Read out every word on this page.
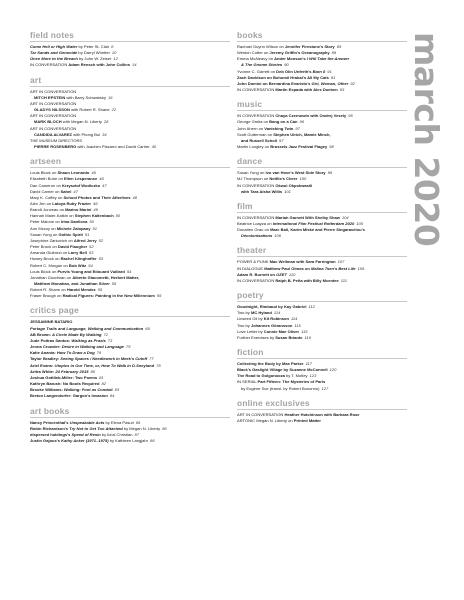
field notes
Come Hell or High Water by Peter St. Clair 8
Tar Sands and Genocide by Darryl Whetter 10
Once More to the Breach by John W. Zeiser 12
IN CONVERSATION Adam Rensch with John Collins 14
art
ART IN CONVERSATION
MITCH EPSTEIN with Barry Schwabsky 16
ART IN CONVERSATION
GLADYS NILSSON with Robert R. Shane 22
ART IN CONVERSATION
MARK BLOCH with Megan N. Liberty 28
ART IN CONVERSATION
CANDIDA ALVAREZ with Phong Bui 34
THE MUSEUM DIRECTORS
PIERRE ROSENBERG with Joachim Pissarro and David Carrier 40
artseen
Louis Block on Shaun Leonardo 46
Elizabeth Buhe on Ellen Lesperance 46
Dan Cameron on Krzysztof Wodiczko 47
David Carrier on Sahel 47
Mary K. Coffey on School Photos and Their Afterlives 48
Alex Jen on Latoya Ruby Frazier 49
Brandt Junceau on Marino Marini 49
Hannah Maier-Katkin on Stephen Kaltenbach 50
Peter Malone on Irina Danilova 50
Ann Mccoy on Michele Zalopany 51
Susan Yung on Gothic Spirit 51
Josephine Zarkovich on Alfred Jerry 52
Peter Brock on David Flaugher 52
Amanda Gluibizzi on Larry Bell 53
Howey Brock on Rachel Klinghoffer 53
Robert C. Morgan on Bob Witz 54
Louis Block on Purvis Young and Edouard Vuillard 54
Jonathan Goodman on Alberto Giacometti, Herbert Matter,
Matthew Monahan, and Jonathan Silver 55
Robert R. Shane on Harold Mendez 55
Fraser Brough on Radical Figures: Painting in the New Millennium 55
critics page
JESSAMINE BATARIO
Portage Trails and Language, Walking and Communication 69
AB Brown: A Circle Made By Walking 72
Jude Poitras Santos: Walking as Praxis 73
Jenna Crowder: Desire in Walking and Language 75
Katie Anania: How To Draw a Dog 76
Taylor Bradley: Seeing Spaces / Needlework in Meek's Cutoff 77
Ariel Evans: Utopics in Our Time, or, How To Walk In D.Sneyland 78
Aritra White: 24 February 2015 80
Joshua Gottlieb-Miller: Two Poems 81
Kathryn Barush: No Boots Required 82
Brooke Williams: Walking: Foot as Conduit 83
Breton Langendorfer: Gargon's Invasion 84
art books
Nancy Princenthal's Unspeakable Acts by Elena Pasuri 86
Robin Richardson's Try Not to Get Too Attached by Megan N. Liberty 86
dispersed holdings's Speed of Resin by Ila'al Christian 87
Justin Gajoux's Kathy Acker (1971–1975) by Kathleen Langjahr 88
books
Rachael Guynn Wilson on Jennifer Firestone's Story 89
Weston Cutter on Jeremy Griffin's Oceanography 89
Emma McAleavy on Ander Monson's I Will Take the Answer
& The Gnome Stories 90
Yvonne C. Garrett on Deb Olin Unferth's Barn 8 91
Zach Davidson on Bohumil Hrabal's All My Cats 91
John Domini on Bernardina Evaristo's Girl, Woman, Other 92
IN CONVERSATION Martin Expada with Alex Dueben 93
music
IN CONVERSATION Chaya Czernowin with Ondrej Vesely 95
George Grella on Bang on a Can 96
John Ahern on Vanishing Twin 97
Scott Gutterman on Stephen Ulrich, Mamie Minch,
and Russell Scholl 97
Martin Longley on Brussels Jazz Festival Flagey 98
dance
Susan Yung on Ivo van Hove's West Side Story 99
MJ Thompson on Netflix's Cheer 100
IN CONVERSATION Okwui Okpokwasili
with Tara Aisha Willis 101
film
IN CONVERSATION Mariah Garnett With Shelby Shaw 104
Beatrice Loayza on International Film Festival Rotterdam 2020 105
Donatien Grau on Marc Ball, Karim Miské and Pierre Singaravélou's
Décolonisations 106
theater
POWER & PUNK Mac Wellman with Sara Farrington 107
IN DIALOGUE Matthew Paul Olmos on Malina Tsen's Best Life 109
Adam R. Burnett on OZET 110
IN CONVERSATION Ralph B. Peña with Billy Mcentee 111
poetry
Goodnight, Rimbaud by Kay Gabriel 112
Two by MC Hyland 114
Linseed Oil by Kit Robinson 114
Two by Johannes Göransson 115
Love Letter by Connie Mae Oliver 115
Further Exercises by Susan Briante 116
fiction
Collecting the Body by Max Parker 117
Black's Gaslight Village by Suzanne McConnell 120
The Road to Golgonooza by T. Motley 123
IN SERIAL Part Fifteen: The Mysteries of Paris
by Eugène Sue (transl. by Robert Bononno) 127
online exclusives
ART IN CONVERSATION Heather Hutchinson with Barbara Rose
ARTONIC Megan N. Liberty on Printed Matter
march 2020
